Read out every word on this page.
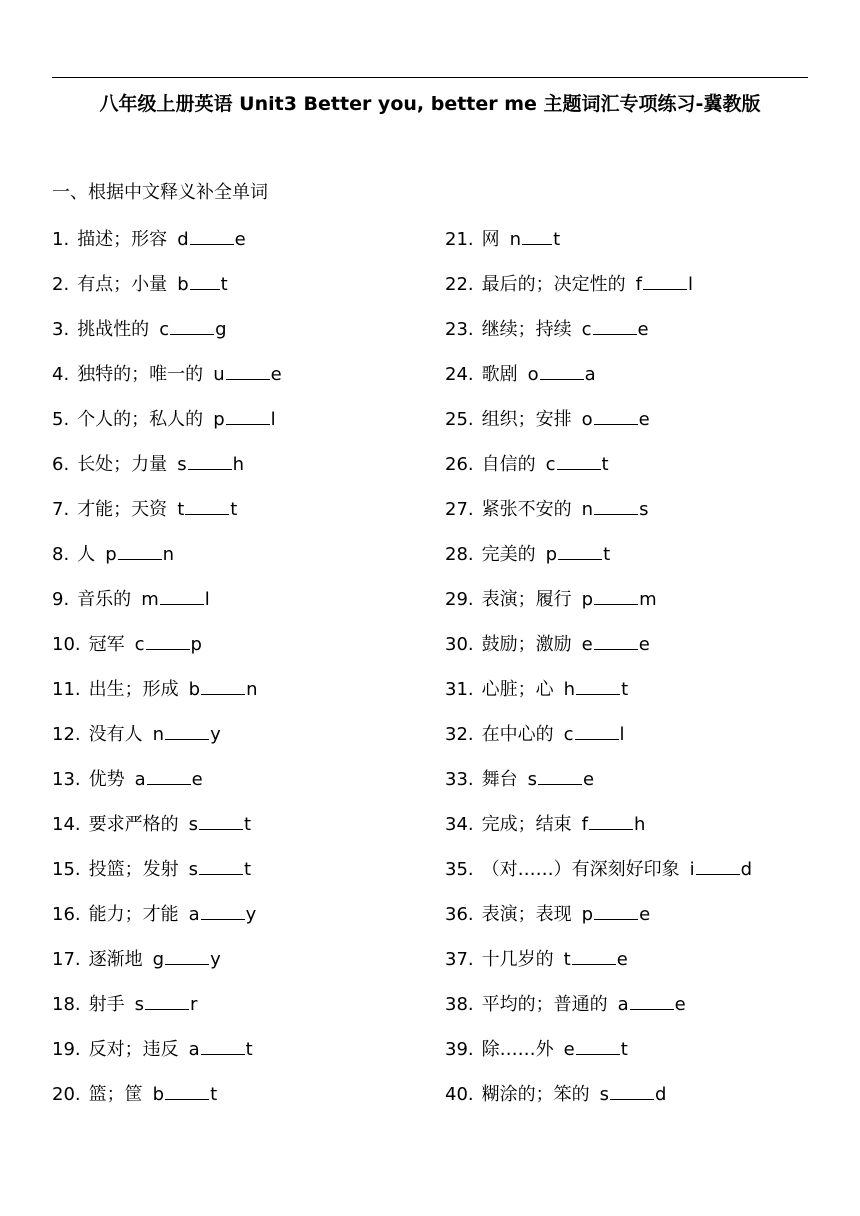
八年级上册英语 Unit3 Better you, better me 主题词汇专项练习-冀教版
一、根据中文释义补全单词
1. 描述；形容 d	e
2. 有点；小量 b t
3. 挑战性的 c	g
4. 独特的；唯一的 u	e
5. 个人的；私人的 p	l
6. 长处；力量 s	h
7. 才能；天资 t	t
8. 人 p	n
9. 音乐的 m	l
10. 冠军 c	p
11. 出生；形成 b	n
12. 没有人 n	y
13. 优势 a	e
14. 要求严格的 s	t
15. 投篮；发射 s	t
16. 能力；才能 a	y
17. 逐渐地 g	y
18. 射手 s	r
19. 反对；违反 a	t
20. 篮；筐 b	t
21. 网 n t
22. 最后的；决定性的 f	l
23. 继续；持续 c	e
24. 歌剧 o	a
25. 组织；安排 o	e
26. 自信的 c	t
27. 紧张不安的 n	s
28. 完美的 p	t
29. 表演；履行 p	m
30. 鼓励；激励 e	e
31. 心脏；心 h	t
32. 在中心的 c	l
33. 舞台 s	e
34. 完成；结束 f	h
35. （对……）有深刻好印象 i	d
36. 表演；表现 p	e
37. 十几岁的 t	e
38. 平均的；普通的 a	e
39. 除……外 e	t
40. 糊涂的；笨的 s	d
